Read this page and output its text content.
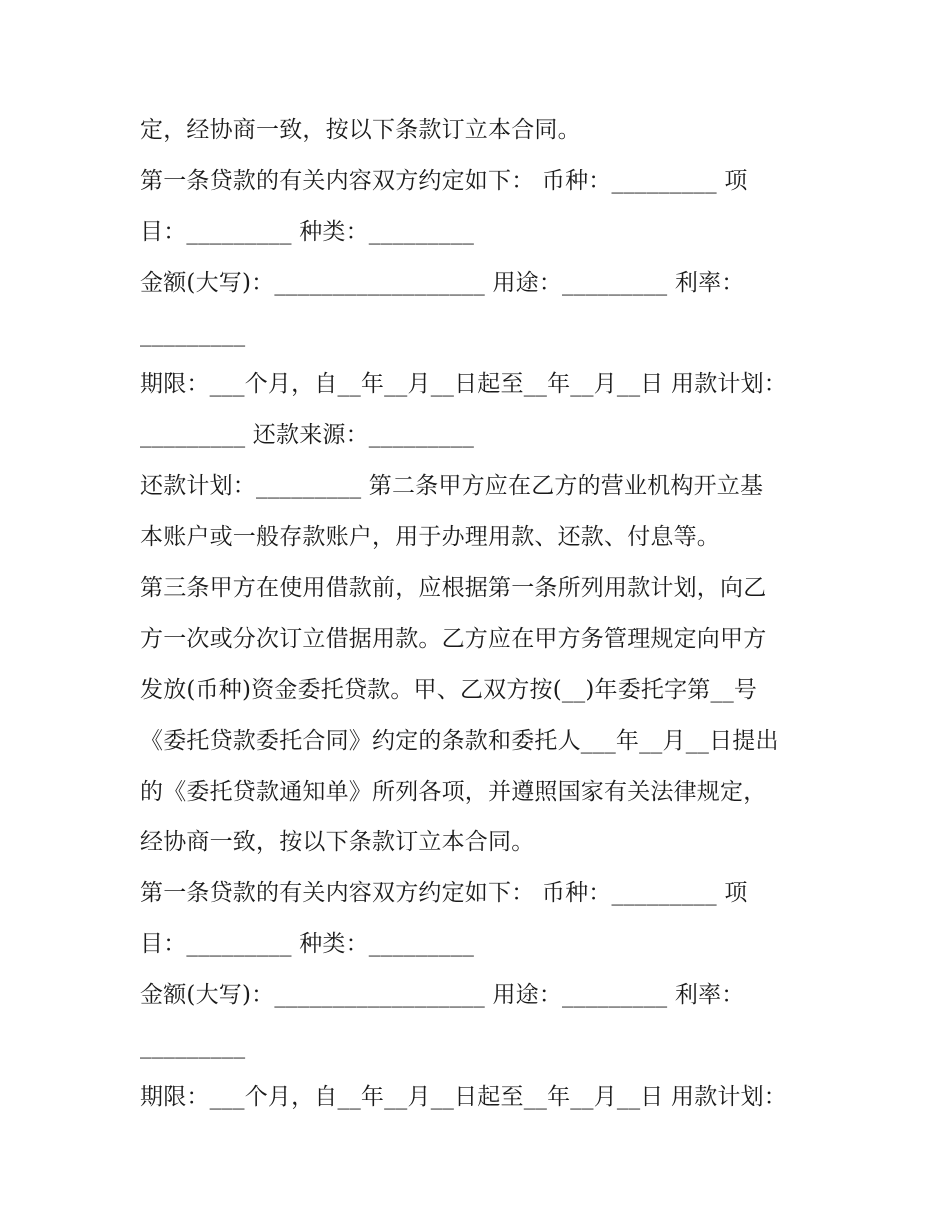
定，经协商一致，按以下条款订立本合同。
第一条贷款的有关内容双方约定如下： 币种：_________ 项
目：_________ 种类：_________
金额(大写)：__________________ 用途：_________ 利率：
_________
期限：___个月，自__年__月__日起至__年__月__日 用款计划：
_________ 还款来源：_________
还款计划：_________ 第二条甲方应在乙方的营业机构开立基
本账户或一般存款账户，用于办理用款、还款、付息等。
第三条甲方在使用借款前，应根据第一条所列用款计划，向乙
方一次或分次订立借据用款。乙方应在甲方务管理规定向甲方
发放(币种)资金委托贷款。甲、乙双方按(__)年委托字第__号
《委托贷款委托合同》约定的条款和委托人___年__月__日提出
的《委托贷款通知单》所列各项，并遵照国家有关法律规定，
经协商一致，按以下条款订立本合同。
第一条贷款的有关内容双方约定如下： 币种：_________ 项
目：_________ 种类：_________
金额(大写)：__________________ 用途：_________ 利率：
_________
期限：___个月，自__年__月__日起至__年__月__日 用款计划：
